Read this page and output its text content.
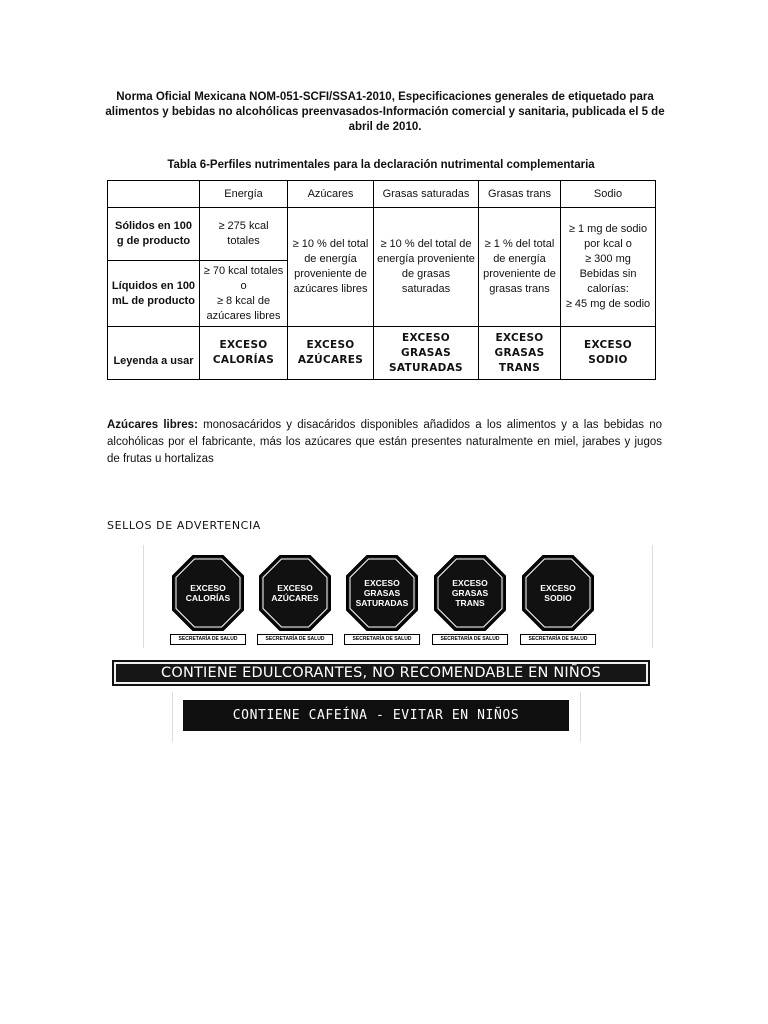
Norma Oficial Mexicana NOM-051-SCFI/SSA1-2010, Especificaciones generales de etiquetado para alimentos y bebidas no alcohólicas preenvasados-Información comercial y sanitaria, publicada el 5 de abril de 2010.
Tabla 6-Perfiles nutrimentales para la declaración nutrimental complementaria
	Energía	Azúcares	Grasas saturadas	Grasas trans	Sodio
Sólidos en 100 g de producto	≥ 275 kcal totales	≥ 10 % del total de energía proveniente de azúcares libres	≥ 10 % del total de energía proveniente de grasas saturadas	≥ 1 % del total de energía proveniente de grasas trans	≥ 1 mg de sodio por kcal o
≥ 300 mg
Bebidas sin calorías:
≥ 45 mg de sodio

Líquidos en 100 mL de producto	≥ 70 kcal totales o
≥ 8 kcal de azúcares libres				

Leyenda a usar	EXCESO CALORÍAS	EXCESO AZÚCARES	EXCESO GRASAS SATURADAS	EXCESO GRASAS TRANS	EXCESO SODIO

Azúcares libres: monosacáridos y disacáridos disponibles añadidos a los alimentos y a las bebidas no alcohólicas por el fabricante, más los azúcares que están presentes naturalmente en miel, jarabes y jugos de frutas u hortalizas

SELLOS DE ADVERTENCIA
EXCESO
CALORÍAS
SECRETARÍA DE SALUD
EXCESO
AZÚCARES
SECRETARÍA DE SALUD
EXCESO
GRASAS
SATURADAS
SECRETARÍA DE SALUD
EXCESO
GRASAS
TRANS
SECRETARÍA DE SALUD
EXCESO
SODIO
SECRETARÍA DE SALUD
CONTIENE EDULCORANTES, NO RECOMENDABLE EN NIÑOS
CONTIENE CAFEÍNA - EVITAR EN NIÑOS
